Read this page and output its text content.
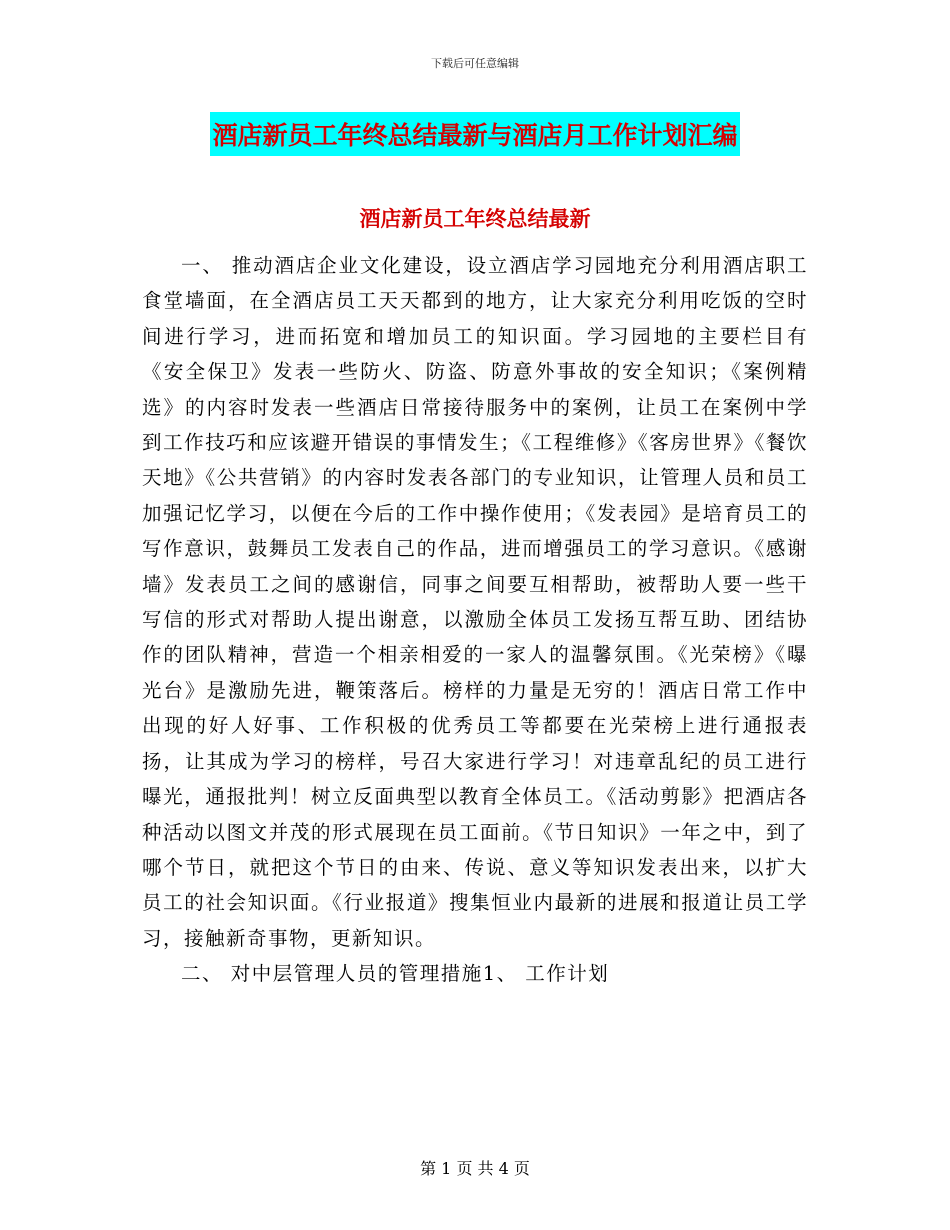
下载后可任意编辑
酒店新员工年终总结最新与酒店月工作计划汇编
酒店新员工年终总结最新

一、 推动酒店企业文化建设，设立酒店学习园地充分利用酒店职工食堂墙面，在全酒店员工天天都到的地方，让大家充分利用吃饭的空时间进行学习，进而拓宽和增加员工的知识面。学习园地的主要栏目有《安全保卫》发表一些防火、防盗、防意外事故的安全知识；《案例精选》的内容时发表一些酒店日常接待服务中的案例，让员工在案例中学到工作技巧和应该避开错误的事情发生；《工程维修》《客房世界》《餐饮天地》《公共营销》的内容时发表各部门的专业知识，让管理人员和员工加强记忆学习，以便在今后的工作中操作使用；《发表园》是培育员工的写作意识，鼓舞员工发表自己的作品，进而增强员工的学习意识。《感谢墙》发表员工之间的感谢信，同事之间要互相帮助，被帮助人要一些干写信的形式对帮助人提出谢意，以激励全体员工发扬互帮互助、团结协作的团队精神，营造一个相亲相爱的一家人的温馨氛围。《光荣榜》《曝光台》是激励先进，鞭策落后。榜样的力量是无穷的！酒店日常工作中出现的好人好事、工作积极的优秀员工等都要在光荣榜上进行通报表扬，让其成为学习的榜样，号召大家进行学习！对违章乱纪的员工进行曝光，通报批判！树立反面典型以教育全体员工。《活动剪影》把酒店各种活动以图文并茂的形式展现在员工面前。《节日知识》一年之中，到了哪个节日，就把这个节日的由来、传说、意义等知识发表出来，以扩大员工的社会知识面。《行业报道》搜集恒业内最新的进展和报道让员工学习，接触新奇事物，更新知识。

二、 对中层管理人员的管理措施1、 工作计划

第 1 页 共 4 页
